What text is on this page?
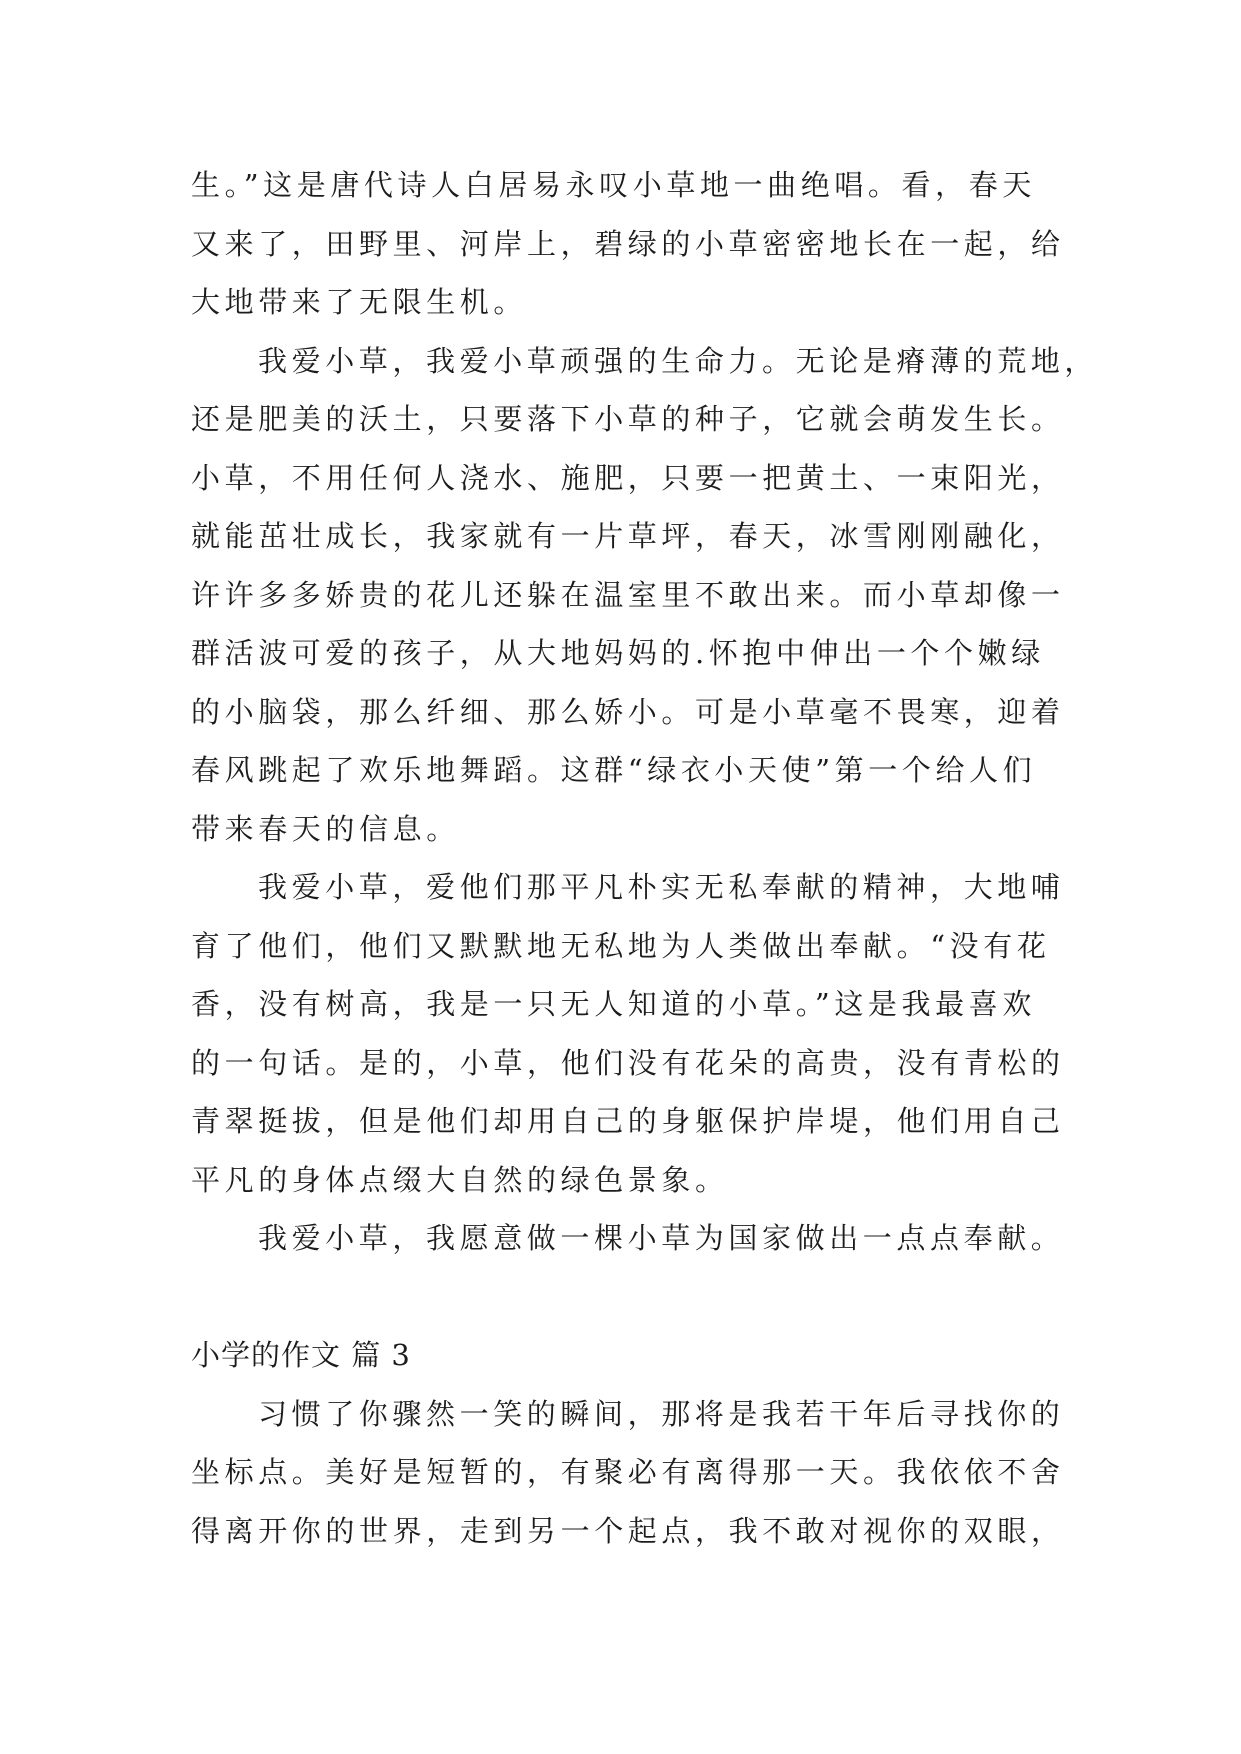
生。”这是唐代诗人白居易永叹小草地一曲绝唱。看，春天
又来了，田野里、河岸上，碧绿的小草密密地长在一起，给
大地带来了无限生机。
我爱小草，我爱小草顽强的生命力。无论是瘠薄的荒地，
还是肥美的沃土，只要落下小草的种子，它就会萌发生长。
小草，不用任何人浇水、施肥，只要一把黄土、一束阳光，
就能茁壮成长，我家就有一片草坪，春天，冰雪刚刚融化，
许许多多娇贵的花儿还躲在温室里不敢出来。而小草却像一
群活波可爱的孩子，从大地妈妈的.怀抱中伸出一个个嫩绿
的小脑袋，那么纤细、那么娇小。可是小草毫不畏寒，迎着
春风跳起了欢乐地舞蹈。这群“绿衣小天使”第一个给人们
带来春天的信息。
我爱小草，爱他们那平凡朴实无私奉献的精神，大地哺
育了他们，他们又默默地无私地为人类做出奉献。“没有花
香，没有树高，我是一只无人知道的小草。”这是我最喜欢
的一句话。是的，小草，他们没有花朵的高贵，没有青松的
青翠挺拔，但是他们却用自己的身躯保护岸堤，他们用自己
平凡的身体点缀大自然的绿色景象。
我爱小草，我愿意做一棵小草为国家做出一点点奉献。
小学的作文 篇 3
习惯了你骤然一笑的瞬间，那将是我若干年后寻找你的
坐标点。美好是短暂的，有聚必有离得那一天。我依依不舍
得离开你的世界，走到另一个起点，我不敢对视你的双眼，
